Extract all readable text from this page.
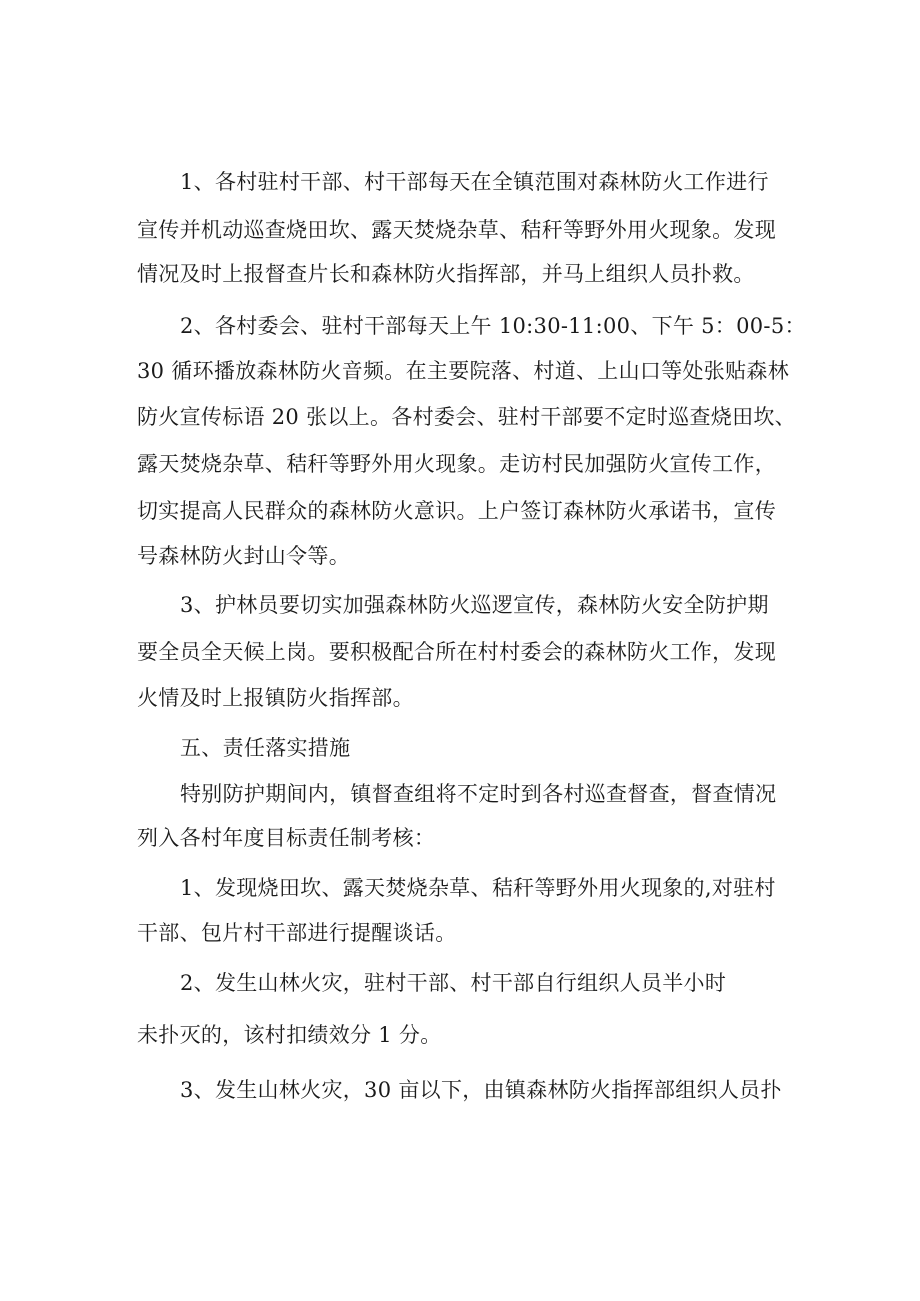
1、各村驻村干部、村干部每天在全镇范围对森林防火工作进行
宣传并机动巡查烧田坎、露天焚烧杂草、秸秆等野外用火现象。发现
情况及时上报督查片长和森林防火指挥部，并马上组织人员扑救。
2、各村委会、驻村干部每天上午 10:30-11:00、下午 5：00-5：
30 循环播放森林防火音频。在主要院落、村道、上山口等处张贴森林
防火宣传标语 20 张以上。各村委会、驻村干部要不定时巡查烧田坎、
露天焚烧杂草、秸秆等野外用火现象。走访村民加强防火宣传工作，
切实提高人民群众的森林防火意识。上户签订森林防火承诺书，宣传
号森林防火封山令等。
3、护林员要切实加强森林防火巡逻宣传，森林防火安全防护期
要全员全天候上岗。要积极配合所在村村委会的森林防火工作，发现
火情及时上报镇防火指挥部。
五、责任落实措施
特别防护期间内，镇督查组将不定时到各村巡查督查，督查情况
列入各村年度目标责任制考核：
1、发现烧田坎、露天焚烧杂草、秸秆等野外用火现象的,对驻村
干部、包片村干部进行提醒谈话。
2、发生山林火灾，驻村干部、村干部自行组织人员半小时
未扑灭的，该村扣绩效分 1 分。
3、发生山林火灾，30 亩以下，由镇森林防火指挥部组织人员扑
